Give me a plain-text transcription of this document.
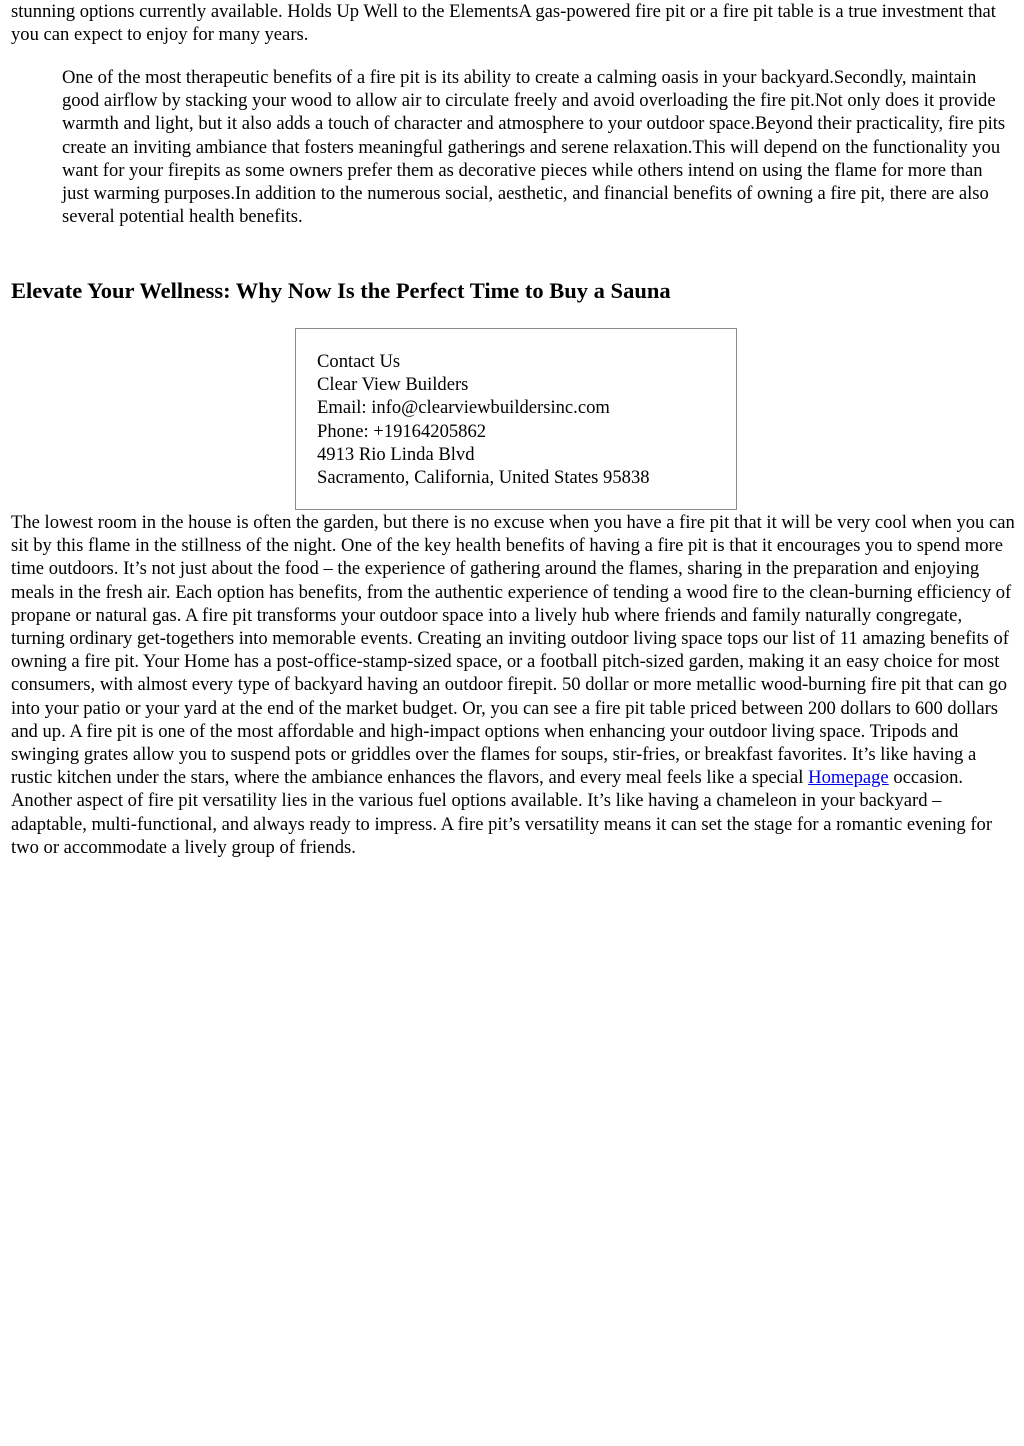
stunning options currently available. Holds Up Well to the ElementsA gas-powered fire pit or a fire pit table is a true investment that you can expect to enjoy for many years.

One of the most therapeutic benefits of a fire pit is its ability to create a calming oasis in your backyard.Secondly, maintain good airflow by stacking your wood to allow air to circulate freely and avoid overloading the fire pit.Not only does it provide warmth and light, but it also adds a touch of character and atmosphere to your outdoor space.Beyond their practicality, fire pits create an inviting ambiance that fosters meaningful gatherings and serene relaxation.This will depend on the functionality you want for your firepits as some owners prefer them as decorative pieces while others intend on using the flame for more than just warming purposes.In addition to the numerous social, aesthetic, and financial benefits of owning a fire pit, there are also several potential health benefits.
Elevate Your Wellness: Why Now Is the Perfect Time to Buy a Sauna
Contact Us
Clear View Builders
Email: info@clearviewbuildersinc.com
Phone: +19164205862
4913 Rio Linda Blvd
Sacramento, California, United States 95838

The lowest room in the house is often the garden, but there is no excuse when you have a fire pit that it will be very cool when you can sit by this flame in the stillness of the night. One of the key health benefits of having a fire pit is that it encourages you to spend more time outdoors. It’s not just about the food – the experience of gathering around the flames, sharing in the preparation and enjoying meals in the fresh air. Each option has benefits, from the authentic experience of tending a wood fire to the clean-burning efficiency of propane or natural gas. A fire pit transforms your outdoor space into a lively hub where friends and family naturally congregate, turning ordinary get-togethers into memorable events. Creating an inviting outdoor living space tops our list of 11 amazing benefits of owning a fire pit. Your Home has a post-office-stamp-sized space, or a football pitch-sized garden, making it an easy choice for most consumers, with almost every type of backyard having an outdoor firepit. 50 dollar or more metallic wood-burning fire pit that can go into your patio or your yard at the end of the market budget. Or, you can see a fire pit table priced between 200 dollars to 600 dollars and up. A fire pit is one of the most affordable and high-impact options when enhancing your outdoor living space. Tripods and swinging grates allow you to suspend pots or griddles over the flames for soups, stir-fries, or breakfast favorites. It’s like having a rustic kitchen under the stars, where the ambiance enhances the flavors, and every meal feels like a special Homepage occasion. Another aspect of fire pit versatility lies in the various fuel options available. It’s like having a chameleon in your backyard – adaptable, multi-functional, and always ready to impress. A fire pit’s versatility means it can set the stage for a romantic evening for two or accommodate a lively group of friends.
